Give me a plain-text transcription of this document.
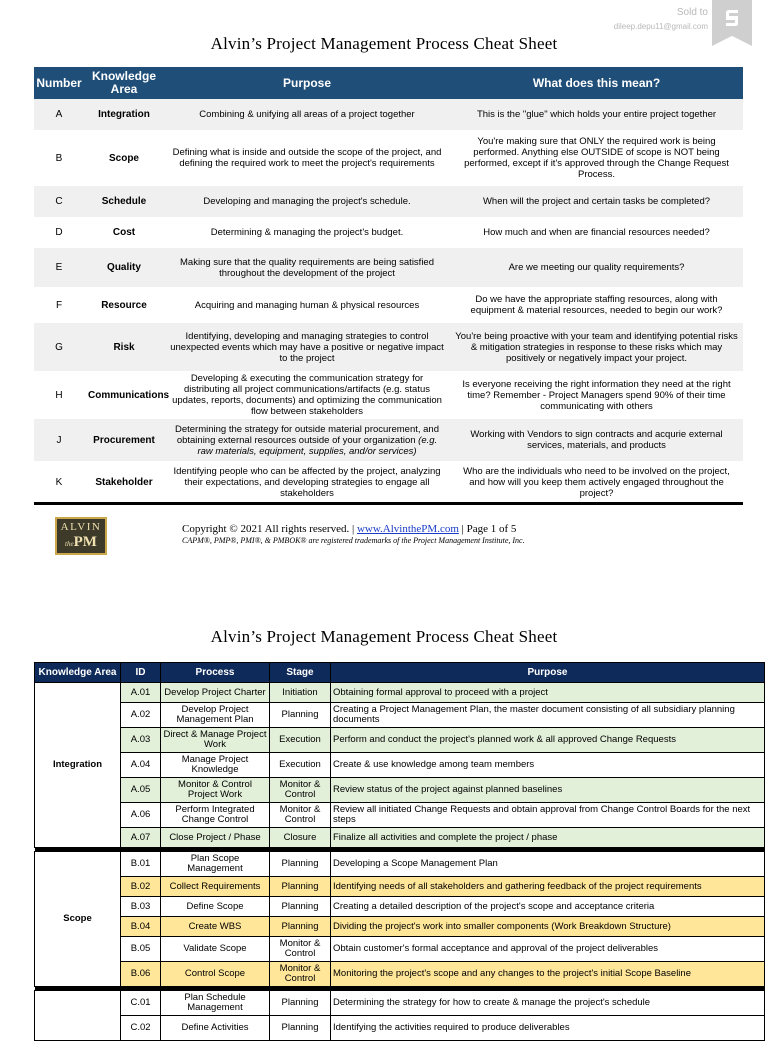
Sold to
dileep.depu11@gmail.com
Alvin’s Project Management Process Cheat Sheet
Number	Knowledge Area	Purpose	What does this mean?
A	Integration	Combining & unifying all areas of a project together	This is the "glue" which holds your entire project together
B	Scope	Defining what is inside and outside the scope of the project, and defining the required work to meet the project's requirements	You're making sure that ONLY the required work is being performed. Anything else OUTSIDE of scope is NOT being performed, except if it's approved through the Change Request Process.
C	Schedule	Developing and managing the project's schedule.	When will the project and certain tasks be completed?
D	Cost	Determining & managing the project's budget.	How much and when are financial resources needed?
E	Quality	Making sure that the quality requirements are being satisfied throughout the development of the project	Are we meeting our quality requirements?
F	Resource	Acquiring and managing human & physical resources	Do we have the appropriate staffing resources, along with equipment & material resources, needed to begin our work?
G	Risk	Identifying, developing and managing strategies to control unexpected events which may have a positive or negative impact to the project	You're being proactive with your team and identifying potential risks & mitigation strategies in response to these risks which may positively or negatively impact your project.
H	Communications	Developing & executing the communication strategy for distributing all project communications/artifacts (e.g. status updates, reports, documents) and optimizing the communication flow between stakeholders	Is everyone receiving the right information they need at the right time? Remember - Project Managers spend 90% of their time communicating with others
J	Procurement	Determining the strategy for outside material procurement, and obtaining external resources outside of your organization (e.g. raw materials, equipment, supplies, and/or services)	Working with Vendors to sign contracts and acqurie external services, materials, and products
K	Stakeholder	Identifying people who can be affected by the project, analyzing their expectations, and developing strategies to engage all stakeholders	Who are the individuals who need to be involved on the project, and how will you keep them actively engaged throughout the project?
ALVIN
thePM
Copyright © 2021 All rights reserved. | www.AlvinthePM.com | Page 1 of 5
CAPM®, PMP®, PMI®, & PMBOK® are registered trademarks of the Project Management Institute, Inc.
Alvin’s Project Management Process Cheat Sheet
Knowledge Area	ID	Process	Stage	Purpose
Integration	A.01	Develop Project Charter	Initiation	Obtaining formal approval to proceed with a project
	A.02	Develop Project Management Plan	Planning	Creating a Project Management Plan, the master document consisting of all subsidiary planning documents
	A.03	Direct & Manage Project Work	Execution	Perform and conduct the project's planned work & all approved Change Requests
	A.04	Manage Project Knowledge	Execution	Create & use knowledge among team members
	A.05	Monitor & Control Project Work	Monitor & Control	Review status of the project against planned baselines
	A.06	Perform Integrated Change Control	Monitor & Control	Review all initiated Change Requests and obtain approval from Change Control Boards for the next steps
	A.07	Close Project / Phase	Closure	Finalize all activities and complete the project / phase

Scope	B.01	Plan Scope Management	Planning	Developing a Scope Management Plan
	B.02	Collect Requirements	Planning	Identifying needs of all stakeholders and gathering feedback of the project requirements
	B.03	Define Scope	Planning	Creating a detailed description of the project's scope and acceptance criteria
	B.04	Create WBS	Planning	Dividing the project's work into smaller components (Work Breakdown Structure)
	B.05	Validate Scope	Monitor & Control	Obtain customer's formal acceptance and approval of the project deliverables
	B.06	Control Scope	Monitor & Control	Monitoring the project's scope and any changes to the project's initial Scope Baseline

	C.01	Plan Schedule Management	Planning	Determining the strategy for how to create & manage the project's schedule
	C.02	Define Activities	Planning	Identifying the activities required to produce deliverables
